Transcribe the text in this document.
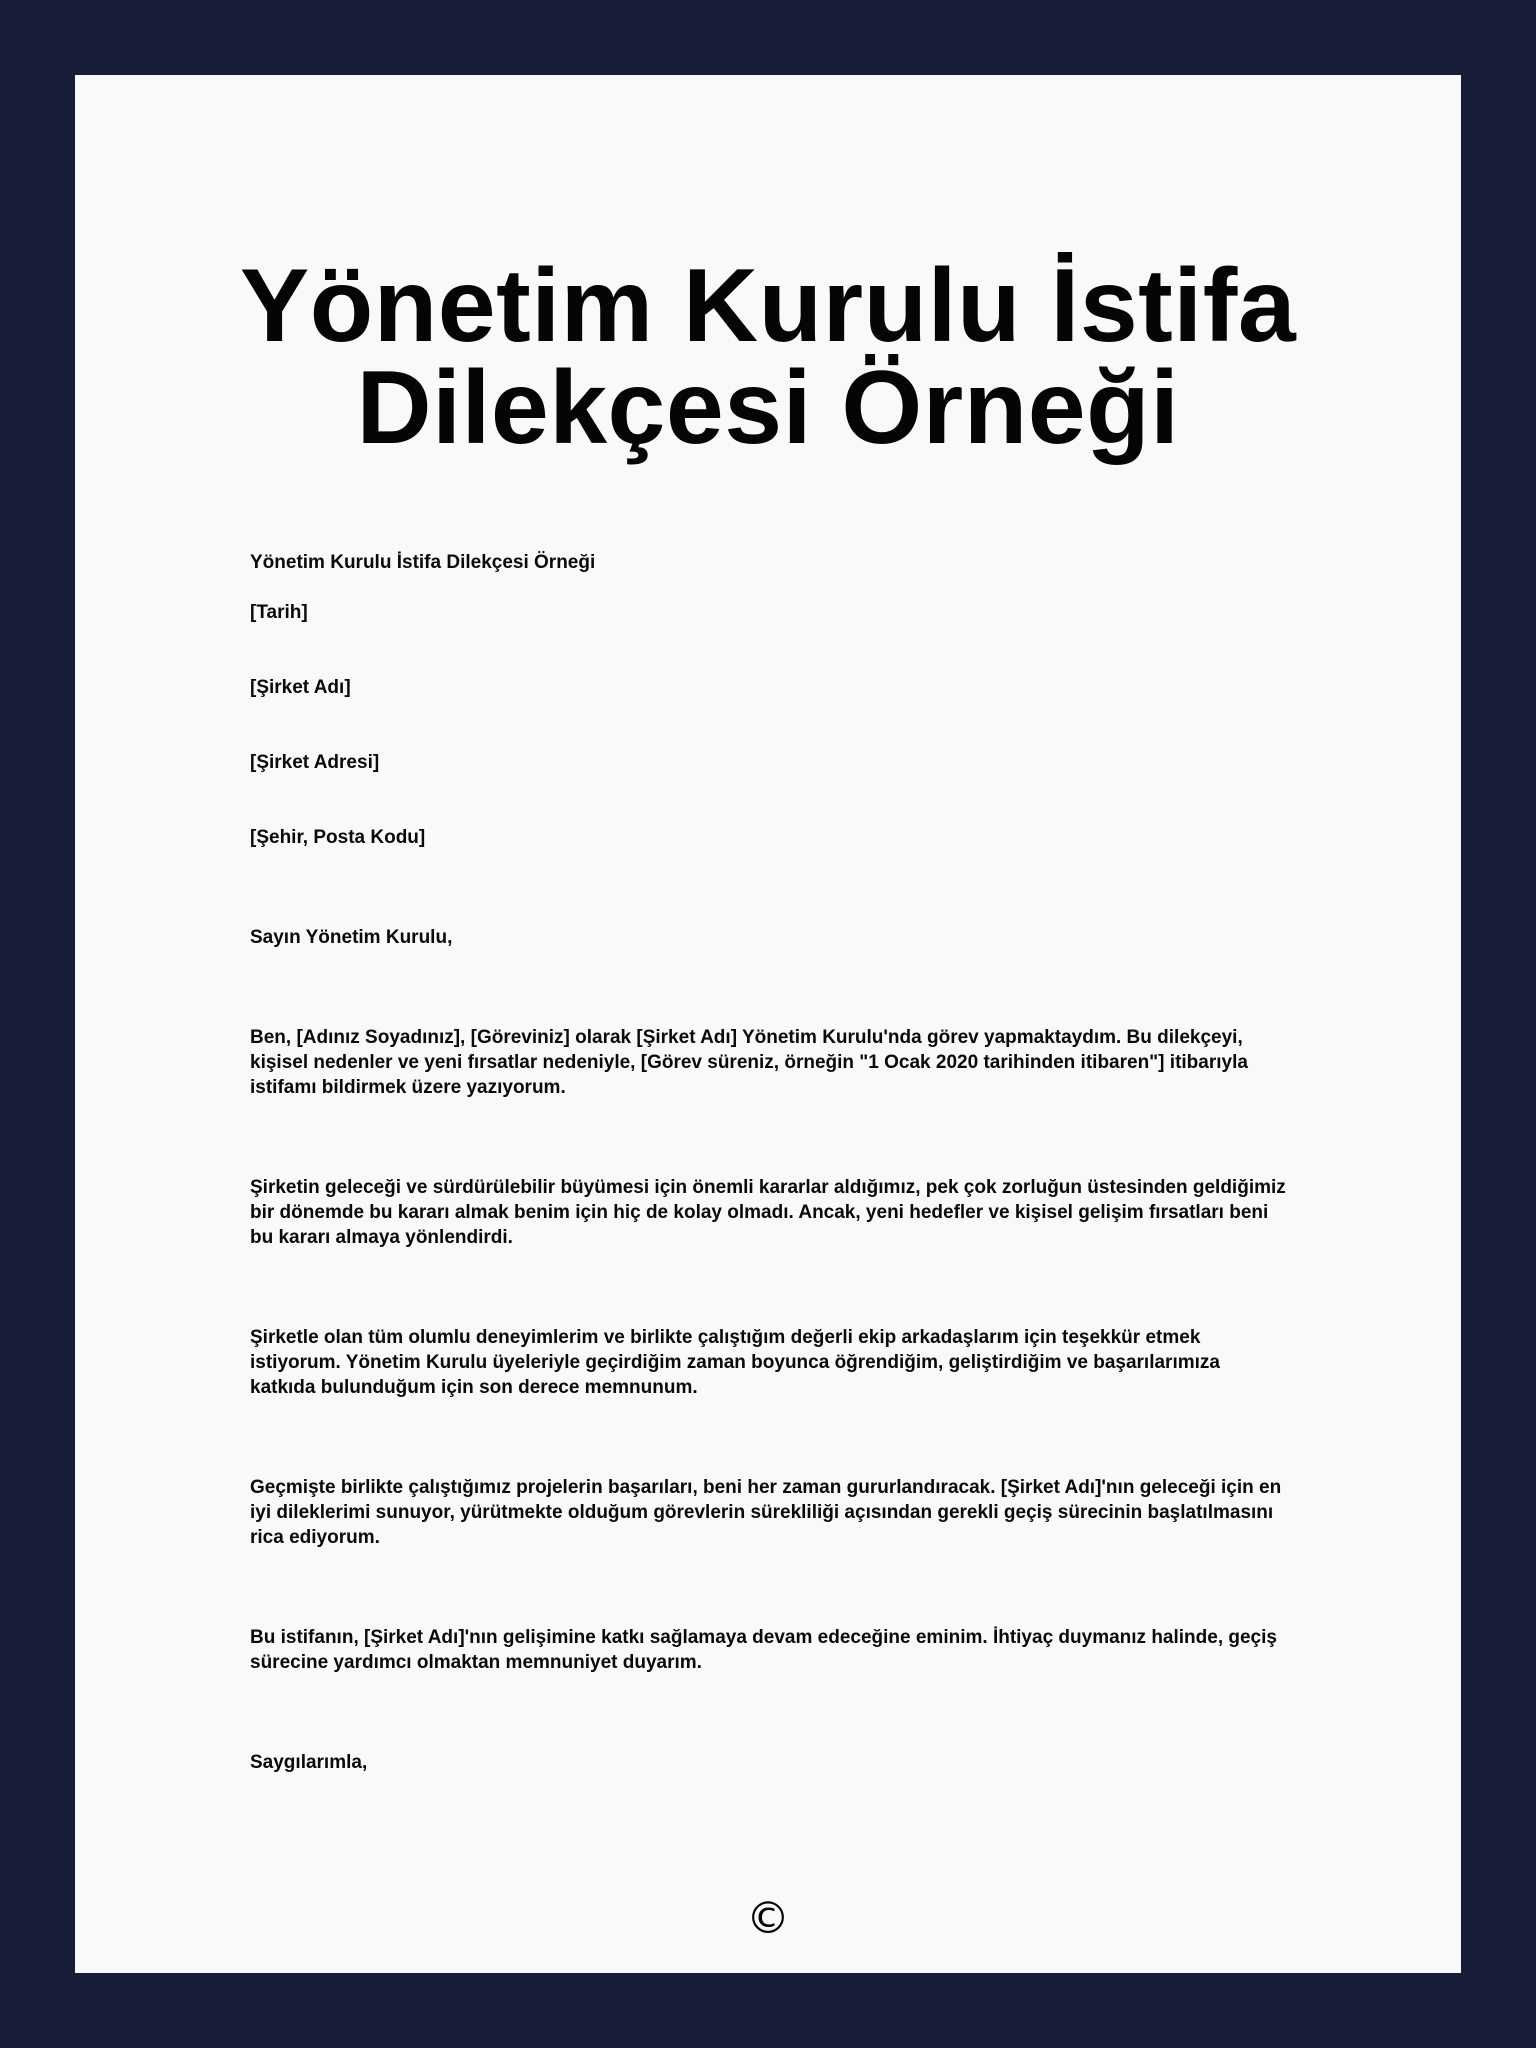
Yönetim Kurulu İstifa
Dilekçesi Örneği

Yönetim Kurulu İstifa Dilekçesi Örneği

[Tarih]

[Şirket Adı]

[Şirket Adresi]

[Şehir, Posta Kodu]

Sayın Yönetim Kurulu,

Ben, [Adınız Soyadınız], [Göreviniz] olarak [Şirket Adı] Yönetim Kurulu'nda görev yapmaktaydım. Bu dilekçeyi, kişisel nedenler ve yeni fırsatlar nedeniyle, [Görev süreniz, örneğin "1 Ocak 2020 tarihinden itibaren"] itibarıyla istifamı bildirmek üzere yazıyorum.

Şirketin geleceği ve sürdürülebilir büyümesi için önemli kararlar aldığımız, pek çok zorluğun üstesinden geldiğimiz bir dönemde bu kararı almak benim için hiç de kolay olmadı. Ancak, yeni hedefler ve kişisel gelişim fırsatları beni bu kararı almaya yönlendirdi.

Şirketle olan tüm olumlu deneyimlerim ve birlikte çalıştığım değerli ekip arkadaşlarım için teşekkür etmek istiyorum. Yönetim Kurulu üyeleriyle geçirdiğim zaman boyunca öğrendiğim, geliştirdiğim ve başarılarımıza katkıda bulunduğum için son derece memnunum.

Geçmişte birlikte çalıştığımız projelerin başarıları, beni her zaman gururlandıracak. [Şirket Adı]'nın geleceği için en iyi dileklerimi sunuyor, yürütmekte olduğum görevlerin sürekliliği açısından gerekli geçiş sürecinin başlatılmasını rica ediyorum.

Bu istifanın, [Şirket Adı]'nın gelişimine katkı sağlamaya devam edeceğine eminim. İhtiyaç duymanız halinde, geçiş sürecine yardımcı olmaktan memnuniyet duyarım.

Saygılarımla,

©
